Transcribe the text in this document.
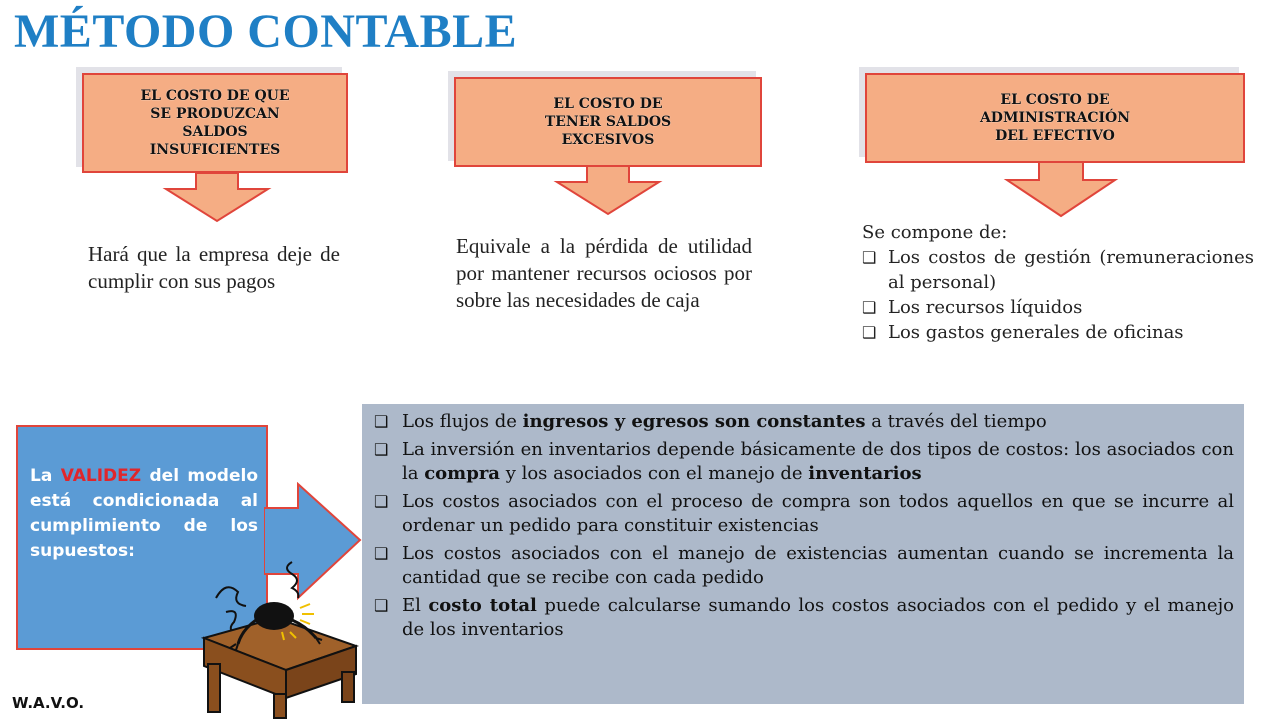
MÉTODO CONTABLE
EL COSTO DE QUE
SE PRODUZCAN
SALDOS
INSUFICIENTES
Hará que la empresa deje de cumplir con sus pagos
EL COSTO DE
TENER SALDOS
EXCESIVOS
Equivale a la pérdida de utilidad por mantener recursos ociosos por sobre las necesidades de caja
EL COSTO DE
ADMINISTRACIÓN
DEL EFECTIVO
Se compone de:
❑ Los costos de gestión (remuneraciones al personal)
❑ Los recursos líquidos
❑ Los gastos generales de oficinas
La VALIDEZ del modelo está condicionada al cumplimiento de los supuestos:
❑ Los flujos de ingresos y egresos son constantes a través del tiempo
❑ La inversión en inventarios depende básicamente de dos tipos de costos: los asociados con la compra y los asociados con el manejo de inventarios
❑ Los costos asociados con el proceso de compra son todos aquellos en que se incurre al ordenar un pedido para constituir existencias
❑ Los costos asociados con el manejo de existencias aumentan cuando se incrementa la cantidad que se recibe con cada pedido
❑ El costo total puede calcularse sumando los costos asociados con el pedido y el manejo de los inventarios
W.A.V.O.
